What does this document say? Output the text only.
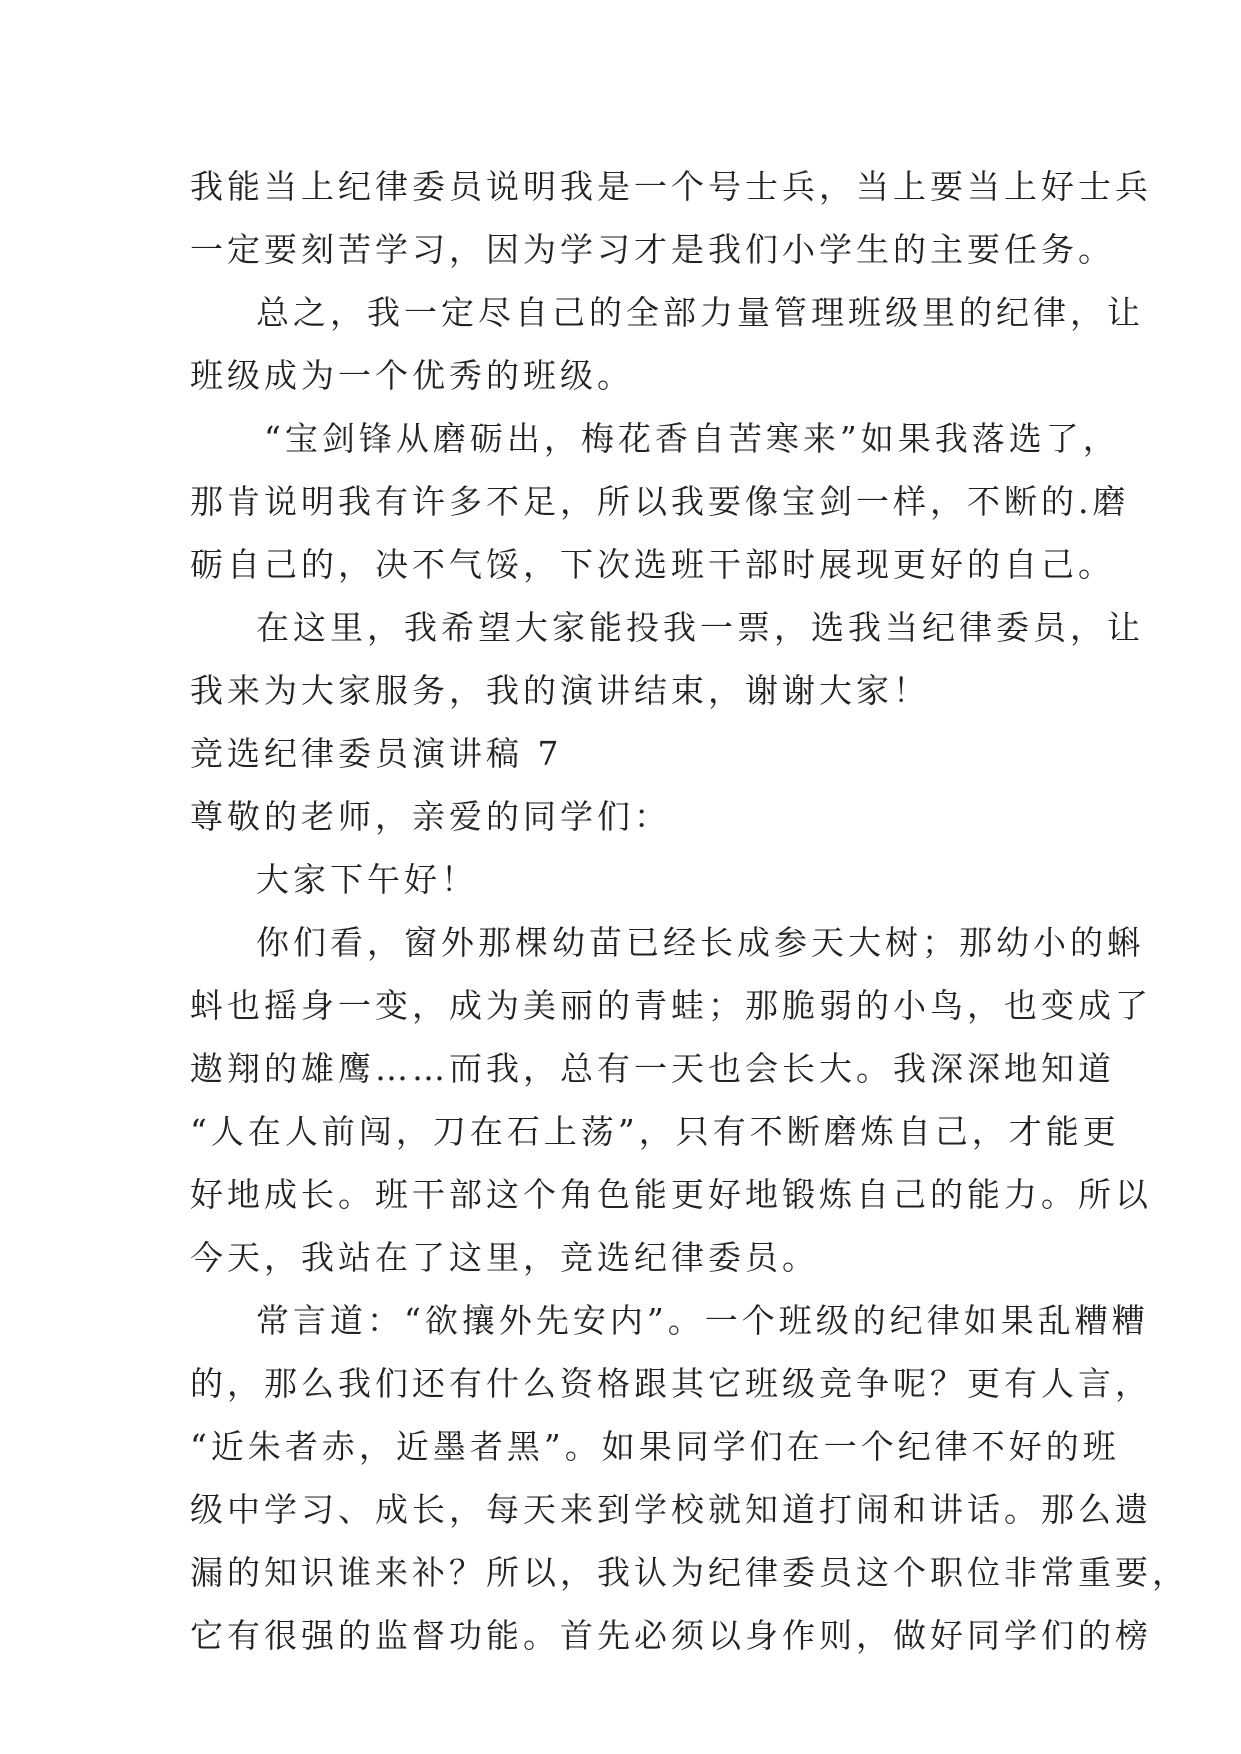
我能当上纪律委员说明我是一个号士兵，当上要当上好士兵
一定要刻苦学习，因为学习才是我们小学生的主要任务。
总之，我一定尽自己的全部力量管理班级里的纪律，让
班级成为一个优秀的班级。
“宝剑锋从磨砺出，梅花香自苦寒来”如果我落选了，
那肯说明我有许多不足，所以我要像宝剑一样，不断的.磨
砺自己的，决不气馁，下次选班干部时展现更好的自己。
在这里，我希望大家能投我一票，选我当纪律委员，让
我来为大家服务，我的演讲结束，谢谢大家！
竞选纪律委员演讲稿 7
尊敬的老师，亲爱的同学们：
大家下午好！
你们看，窗外那棵幼苗已经长成参天大树；那幼小的蝌
蚪也摇身一变，成为美丽的青蛙；那脆弱的小鸟，也变成了
遨翔的雄鹰……而我，总有一天也会长大。我深深地知道
“人在人前闯，刀在石上荡”，只有不断磨炼自己，才能更
好地成长。班干部这个角色能更好地锻炼自己的能力。所以
今天，我站在了这里，竞选纪律委员。
常言道：“欲攘外先安内”。一个班级的纪律如果乱糟糟
的，那么我们还有什么资格跟其它班级竞争呢？更有人言，
“近朱者赤，近墨者黑”。如果同学们在一个纪律不好的班
级中学习、成长，每天来到学校就知道打闹和讲话。那么遗
漏的知识谁来补？所以，我认为纪律委员这个职位非常重要，
它有很强的监督功能。首先必须以身作则，做好同学们的榜
